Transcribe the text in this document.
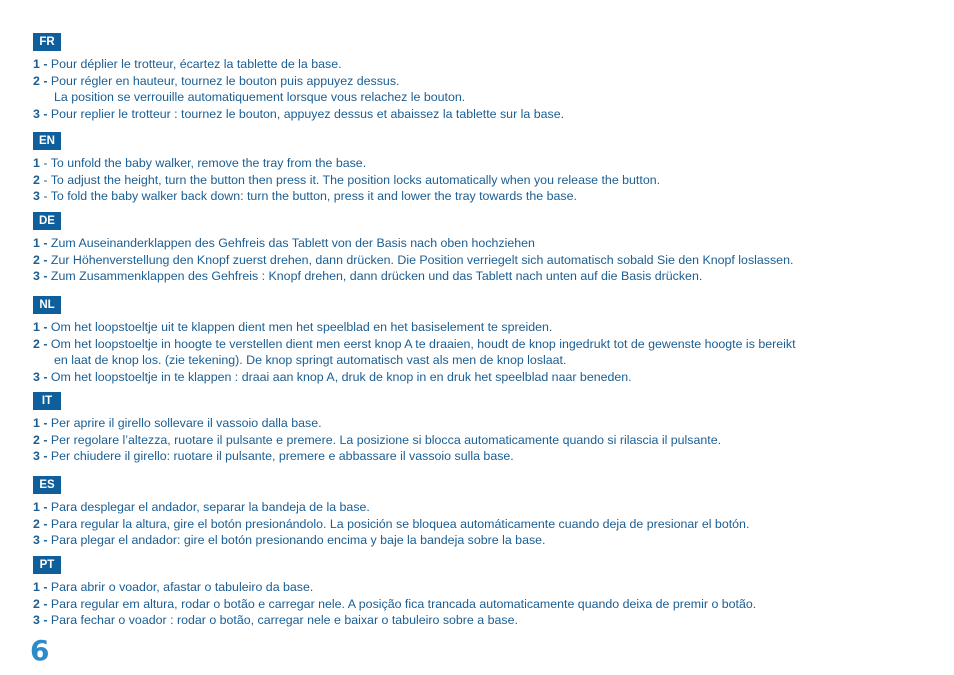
FR
1 - Pour déplier le trotteur, écartez la tablette de la base.
2 - Pour régler en hauteur, tournez le bouton puis appuyez dessus.
La position se verrouille automatiquement lorsque vous relachez le bouton.
3 - Pour replier le trotteur : tournez le bouton, appuyez dessus et abaissez la tablette sur la base.
EN
1 - To unfold the baby walker, remove the tray from the base.
2 - To adjust the height, turn the button then press it. The position locks automatically when you release the button.
3 - To fold the baby walker back down: turn the button, press it and lower the tray towards the base.
DE
1 - Zum Auseinanderklappen des Gehfreis das Tablett von der Basis nach oben hochziehen
2 - Zur Höhenverstellung den Knopf zuerst drehen, dann drücken. Die Position verriegelt sich automatisch sobald Sie den Knopf loslassen.
3 - Zum Zusammenklappen des Gehfreis : Knopf drehen, dann drücken und das Tablett nach unten auf die Basis drücken.
NL
1 - Om het loopstoeltje uit te klappen dient men het speelblad en het basiselement te spreiden.
2 - Om het loopstoeltje in hoogte te verstellen dient men eerst knop A te draaien, houdt de knop ingedrukt tot de gewenste hoogte is bereikt
en laat de knop los. (zie tekening). De knop springt automatisch vast als men de knop loslaat.
3 - Om het loopstoeltje in te klappen : draai aan knop A, druk de knop in en druk het speelblad naar beneden.
IT
1 - Per aprire il girello sollevare il vassoio dalla base.
2 - Per regolare l’altezza, ruotare il pulsante e premere. La posizione si blocca automaticamente quando si rilascia il pulsante.
3 - Per chiudere il girello: ruotare il pulsante, premere e abbassare il vassoio sulla base.
ES
1 - Para desplegar el andador, separar la bandeja de la base.
2 - Para regular la altura, gire el botón presionándolo. La posición se bloquea automáticamente cuando deja de presionar el botón.
3 - Para plegar el andador: gire el botón presionando encima y baje la bandeja sobre la base.
PT
1 - Para abrir o voador, afastar o tabuleiro da base.
2 - Para regular em altura, rodar o botão e carregar nele. A posição fica trancada automaticamente quando deixa de premir o botão.
3 - Para fechar o voador : rodar o botão, carregar nele e baixar o tabuleiro sobre a base.
6
